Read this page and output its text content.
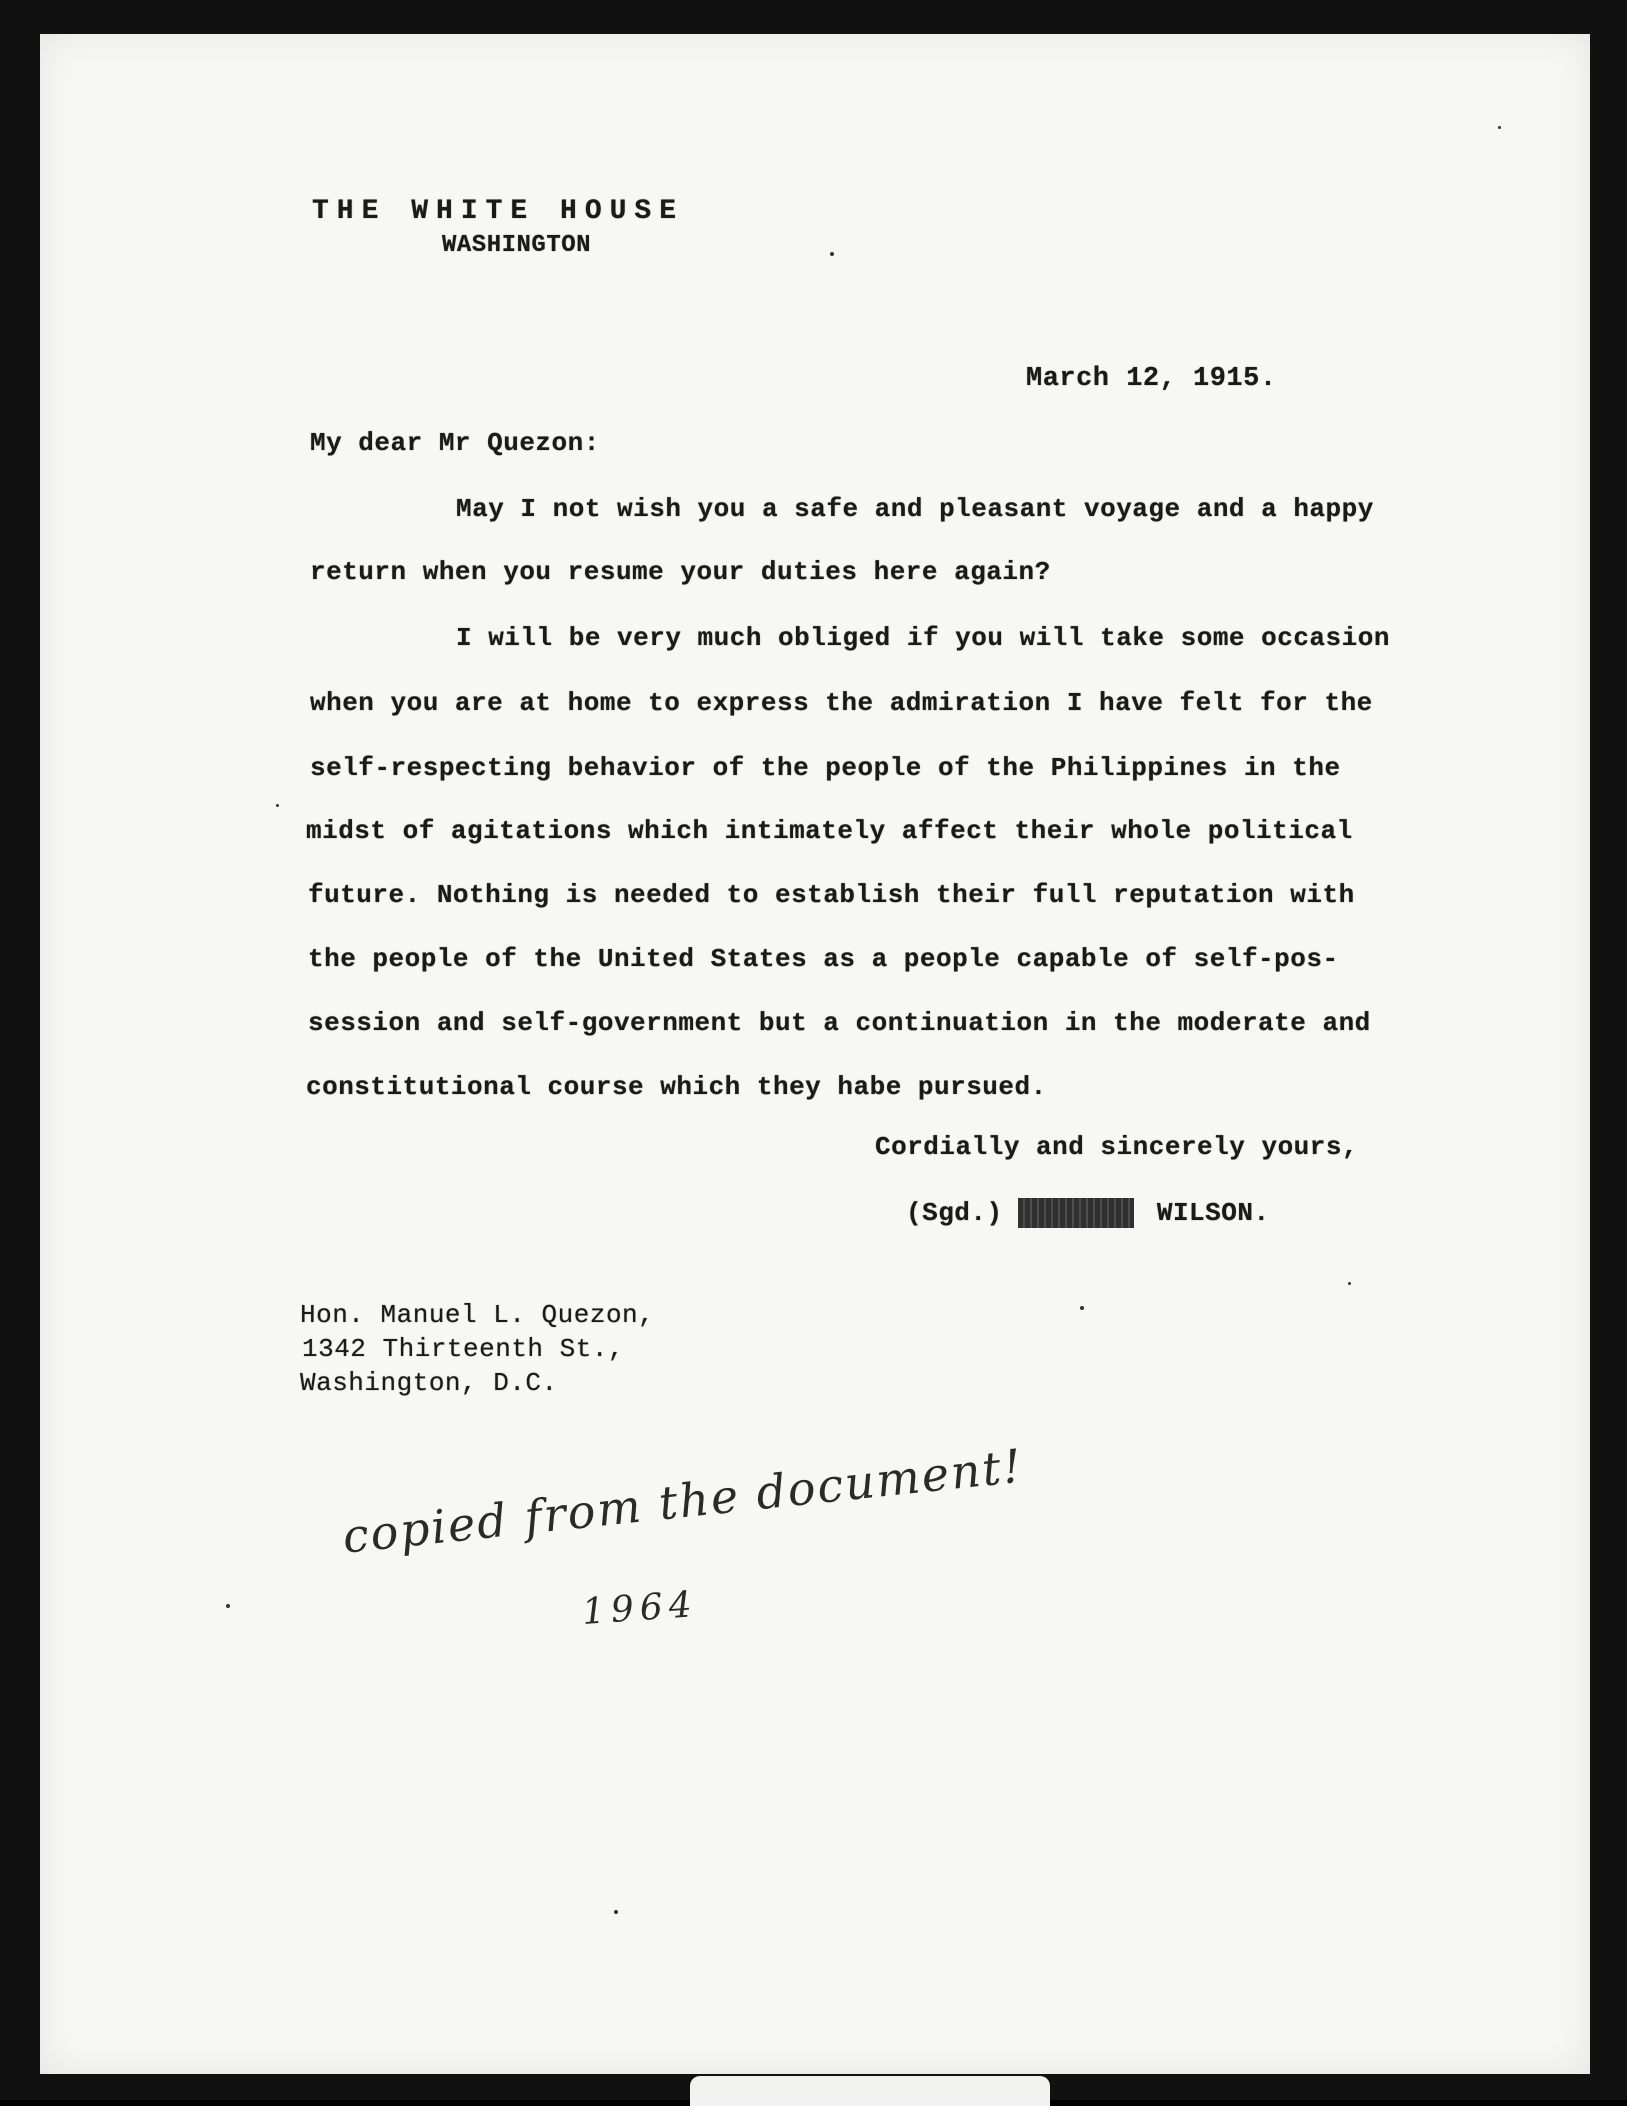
THE WHITE HOUSE
WASHINGTON
March 12, 1915.
My dear Mr Quezon:
May I not wish you a safe and pleasant voyage and a happy
return when you resume your duties here again?
I will be very much obliged if you will take some occasion
when you are at home to express the admiration I have felt for the
self-respecting behavior of the people of the Philippines in the
midst of agitations which intimately affect their whole political
future. Nothing is needed to establish their full reputation with
the people of the United States as a people capable of self-pos-
session and self-government but a continuation in the moderate and
constitutional course which they habe pursued.
Cordially and sincerely yours,
(Sgd.)	WILSON.
Hon. Manuel L. Quezon,
1342 Thirteenth St.,
Washington, D.C.
copied from the document!
1964
